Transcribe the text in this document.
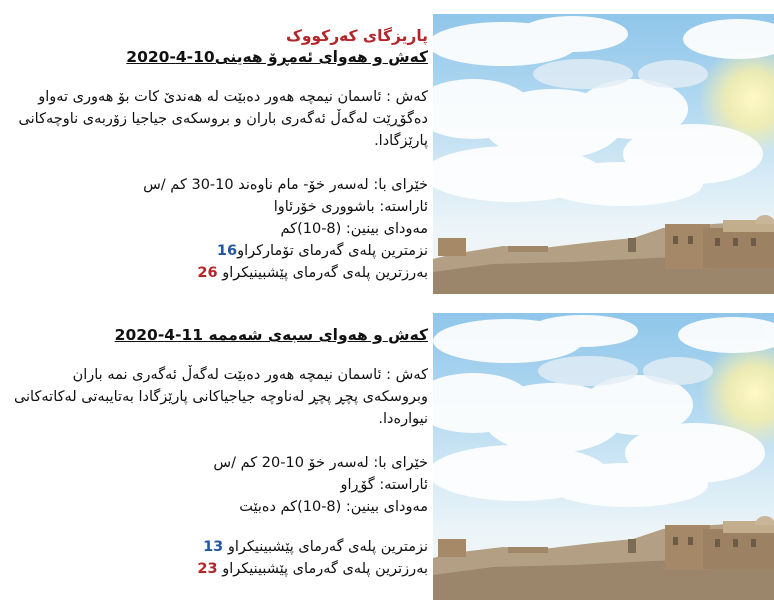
پاریزگای کەرکووک
کەش و هەوای ئەمڕۆ هەینی10-4-2020
کەش : ئاسمان نیمچە هەور دەبێت لە هەندێ کات بۆ هەوری تەواو دەگۆڕێت لەگەڵ ئەگەری باران و بروسکەی جیاجیا زۆربەی ناوچەکانی پارێزگادا.
خێرای با: لەسەر خۆ- مام ناوەند 10-30 کم /س
ئاراستە: باشووری خۆرئاوا
مەودای بینین: (8-10)کم
نزمترین پلەی گەرمای تۆمارکراو16
بەرزترین پلەی گەرمای پێشبینیکراو 26
کەش و هەوای سبەی شەممە 11-4-2020
کەش : ئاسمان نیمچە هەور دەبێت لەگەڵ ئەگەری نمە باران وبروسکەی پچڕ پچڕ لەناوچە جیاجیاکانی پارێزگادا بەتایبەتی لەکاتەکانی نیوارەدا.
خێرای با: لەسەر خۆ 10-20 کم /س
ئاراستە: گۆڕاو
مەودای بینین: (8-10)کم دەبێت
نزمترین پلەی گەرمای پێشبینیکراو 13
بەرزترین پلەی گەرمای پێشبینیکراو 23
